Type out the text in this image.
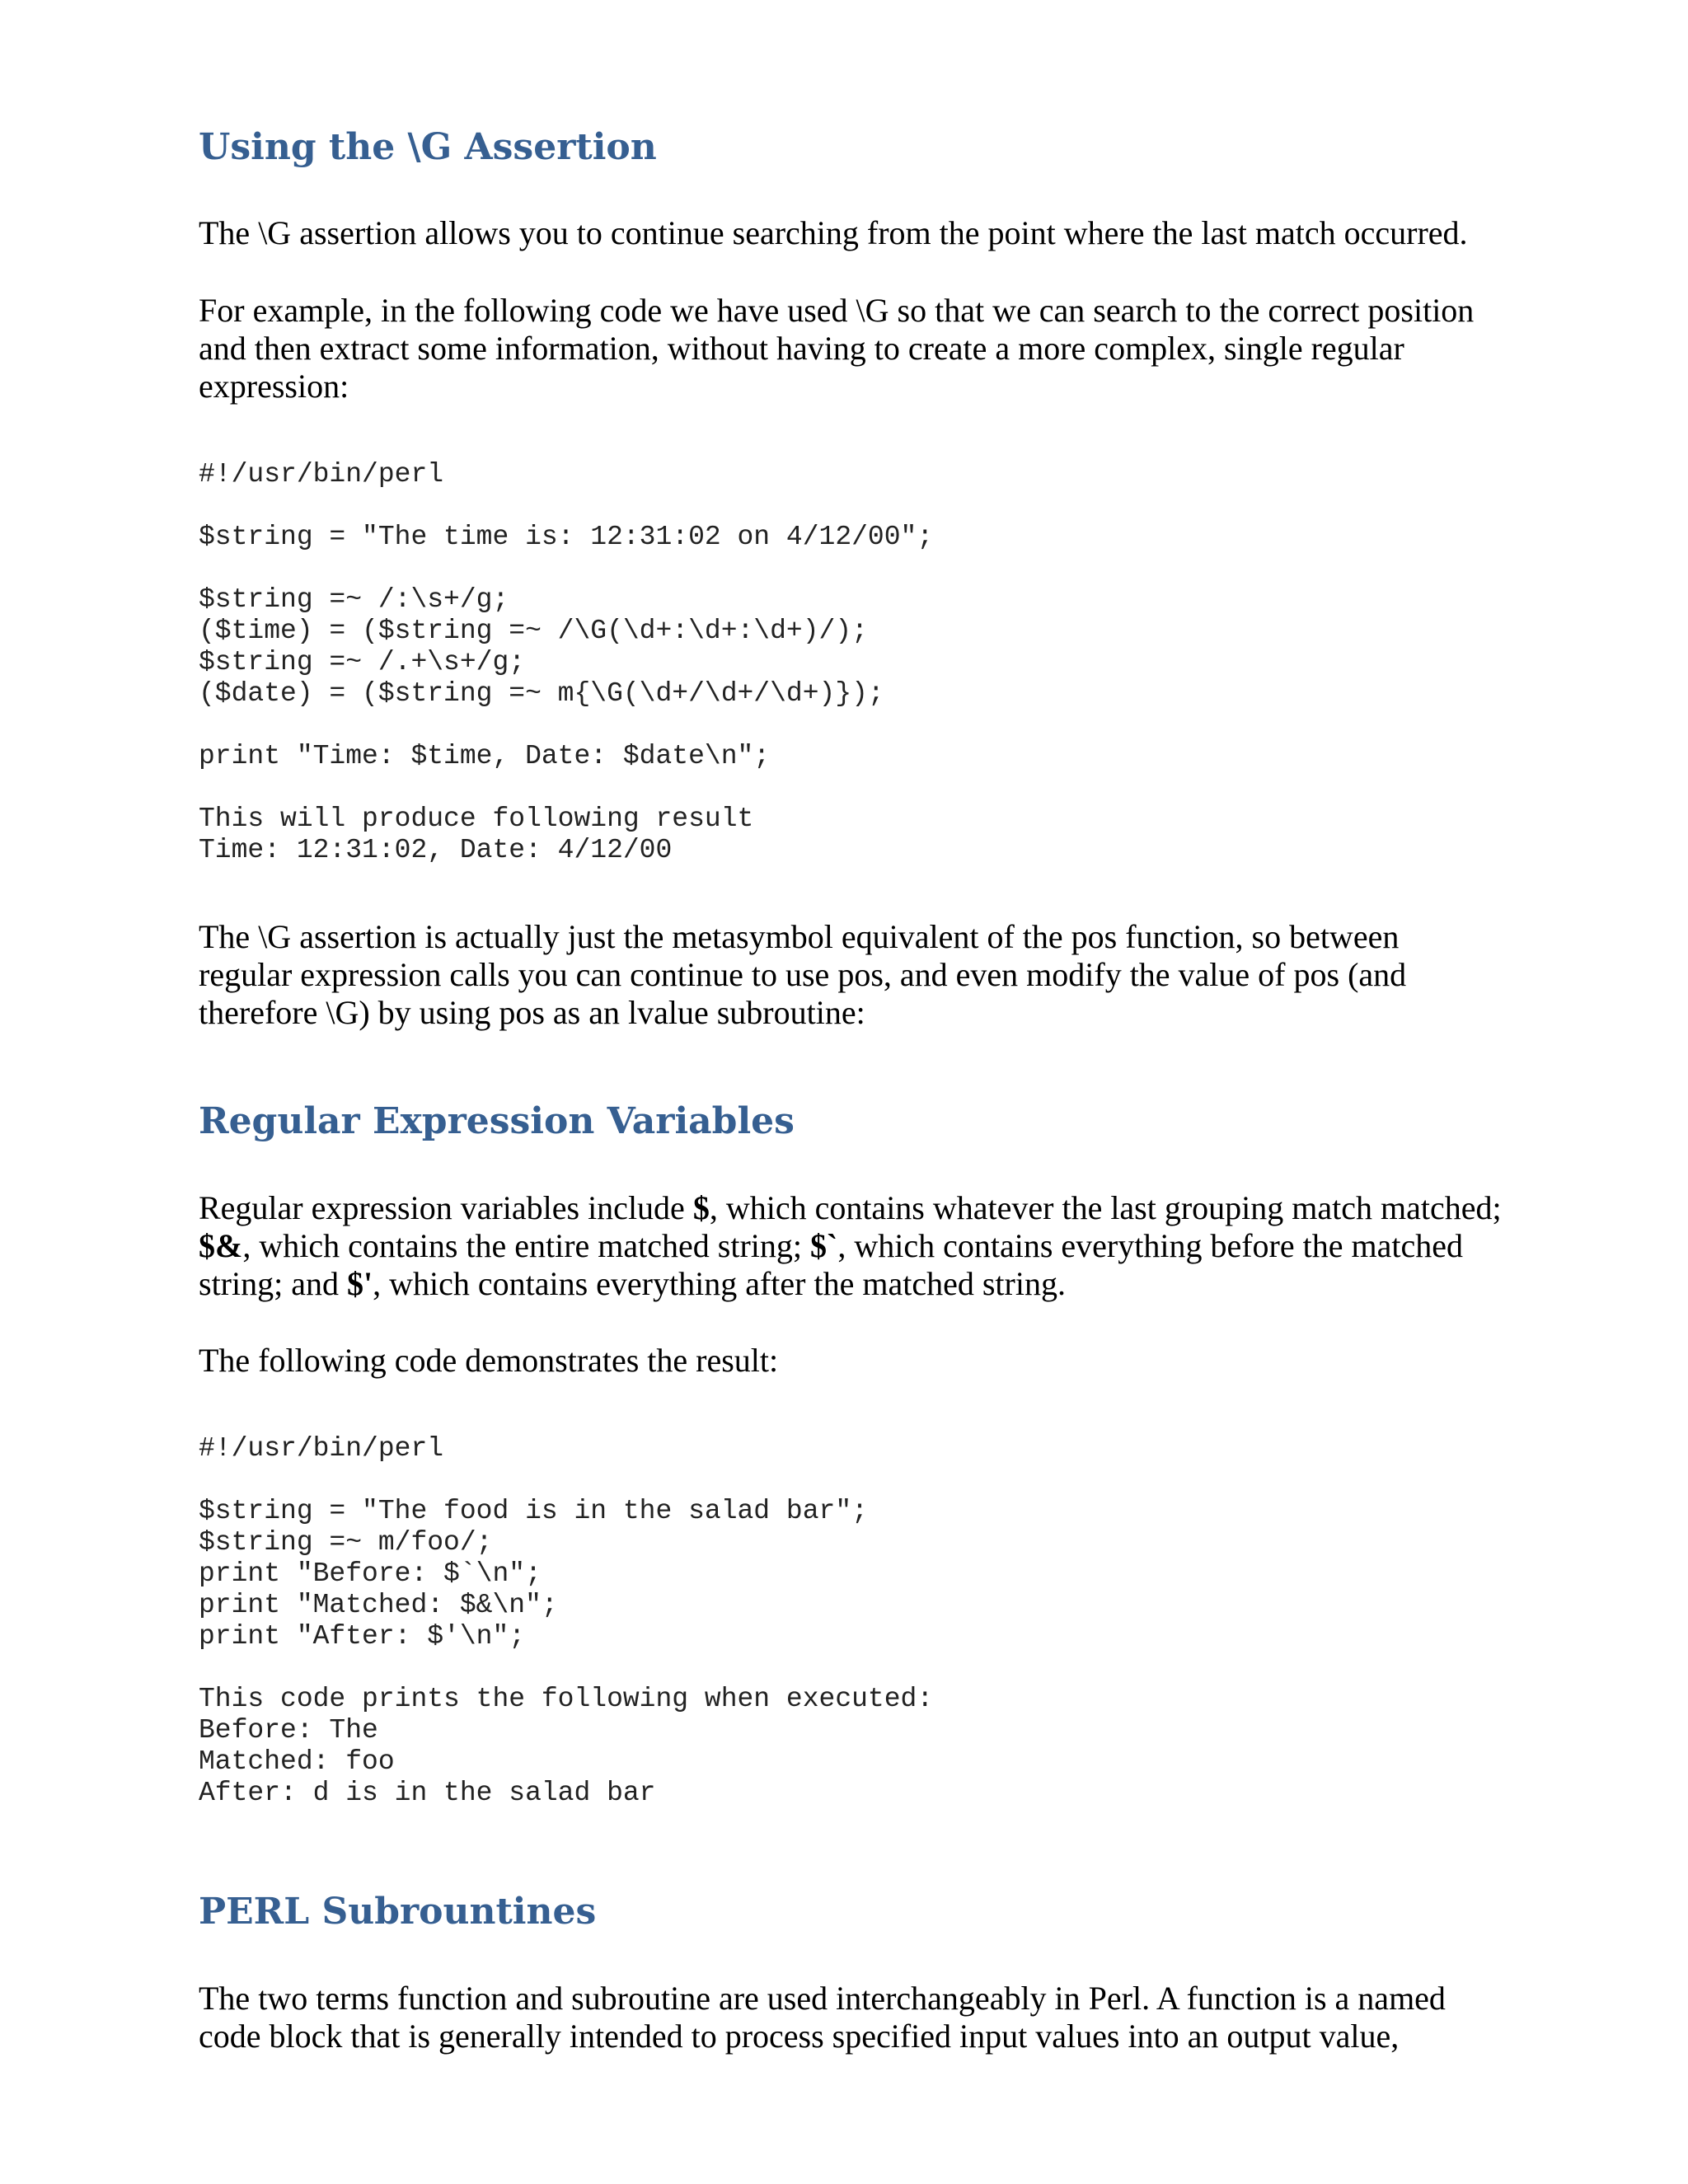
Using the \G Assertion

The \G assertion allows you to continue searching from the point where the last match occurred.

For example, in the following code we have used \G so that we can search to the correct position and then extract some information, without having to create a more complex, single regular expression:

#!/usr/bin/perl

$string = "The time is: 12:31:02 on 4/12/00";

$string =~ /:\s+/g;
($time) = ($string =~ /\G(\d+:\d+:\d+)/);
$string =~ /.+\s+/g;
($date) = ($string =~ m{\G(\d+/\d+/\d+)});

print "Time: $time, Date: $date\n";

This will produce following result
Time: 12:31:02, Date: 4/12/00

The \G assertion is actually just the metasymbol equivalent of the pos function, so between regular expression calls you can continue to use pos, and even modify the value of pos (and therefore \G) by using pos as an lvalue subroutine:

Regular Expression Variables

Regular expression variables include $, which contains whatever the last grouping match matched; $&, which contains the entire matched string; $`, which contains everything before the matched string; and $', which contains everything after the matched string.

The following code demonstrates the result:

#!/usr/bin/perl

$string = "The food is in the salad bar";
$string =~ m/foo/;
print "Before: $`\n";
print "Matched: $&\n";
print "After: $'\n";

This code prints the following when executed:
Before: The
Matched: foo
After: d is in the salad bar
PERL Subrountines

The two terms function and subroutine are used interchangeably in Perl. A function is a named code block that is generally intended to process specified input values into an output value,
